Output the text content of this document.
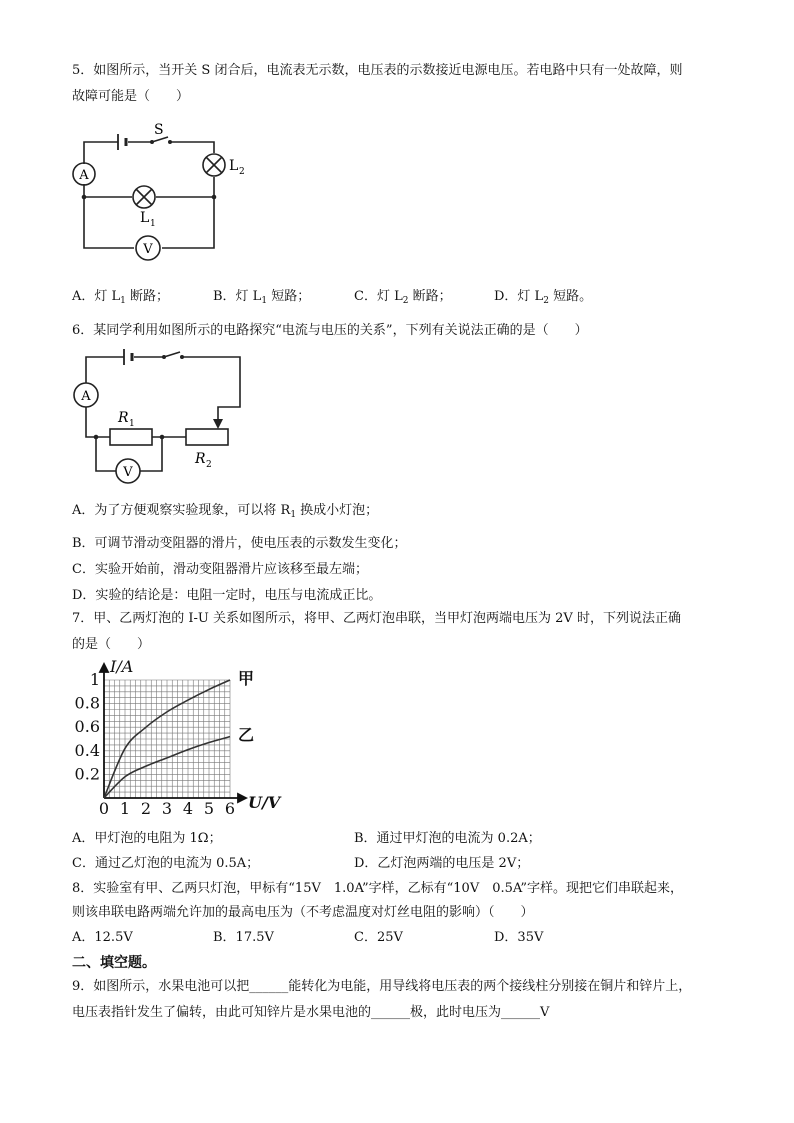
5．如图所示，当开关 S 闭合后，电流表无示数，电压表的示数接近电源电压。若电路中只有一处故障，则
故障可能是（　　）
A
V
S
L 2
L 1
A．灯 $L_1$ 断路；	B．灯 $L_1$ 短路；	C．灯 $L_2$ 断路；	D．灯 $L_2$ 短路。
6．某同学利用如图所示的电路探究“电流与电压的关系”，下列有关说法正确的是（　　）
A
V
R 1
R 2
A．为了方便观察实验现象，可以将 $R_1$ 换成小灯泡；
B．可调节滑动变阻器的滑片，使电压表的示数发生变化；
C．实验开始前，滑动变阻器滑片应该移至最左端；
D．实验的结论是：电阻一定时，电压与电流成正比。
7．甲、乙两灯泡的 I-U 关系如图所示，将甲、乙两灯泡串联，当甲灯泡两端电压为 2V 时，下列说法正确
的是（　　）
0 1 2 3 4 5 6
0.2
0.4
0.6
0.8
1
U/V
I/A
甲
乙
A．甲灯泡的电阻为 1Ω；	B．通过甲灯泡的电流为 0.2A；
C．通过乙灯泡的电流为 0.5A；	D．乙灯泡两端的电压是 2V；
8．实验室有甲、乙两只灯泡，甲标有“15V　1.0A”字样，乙标有“10V　0.5A”字样。现把它们串联起来，
则该串联电路两端允许加的最高电压为（不考虑温度对灯丝电阻的影响）（　　）
A．12.5V	B．17.5V	C．25V	D．35V
二、填空题。
9．如图所示，水果电池可以把______能转化为电能，用导线将电压表的两个接线柱分别接在铜片和锌片上，
电压表指针发生了偏转，由此可知锌片是水果电池的______极，此时电压为______V
